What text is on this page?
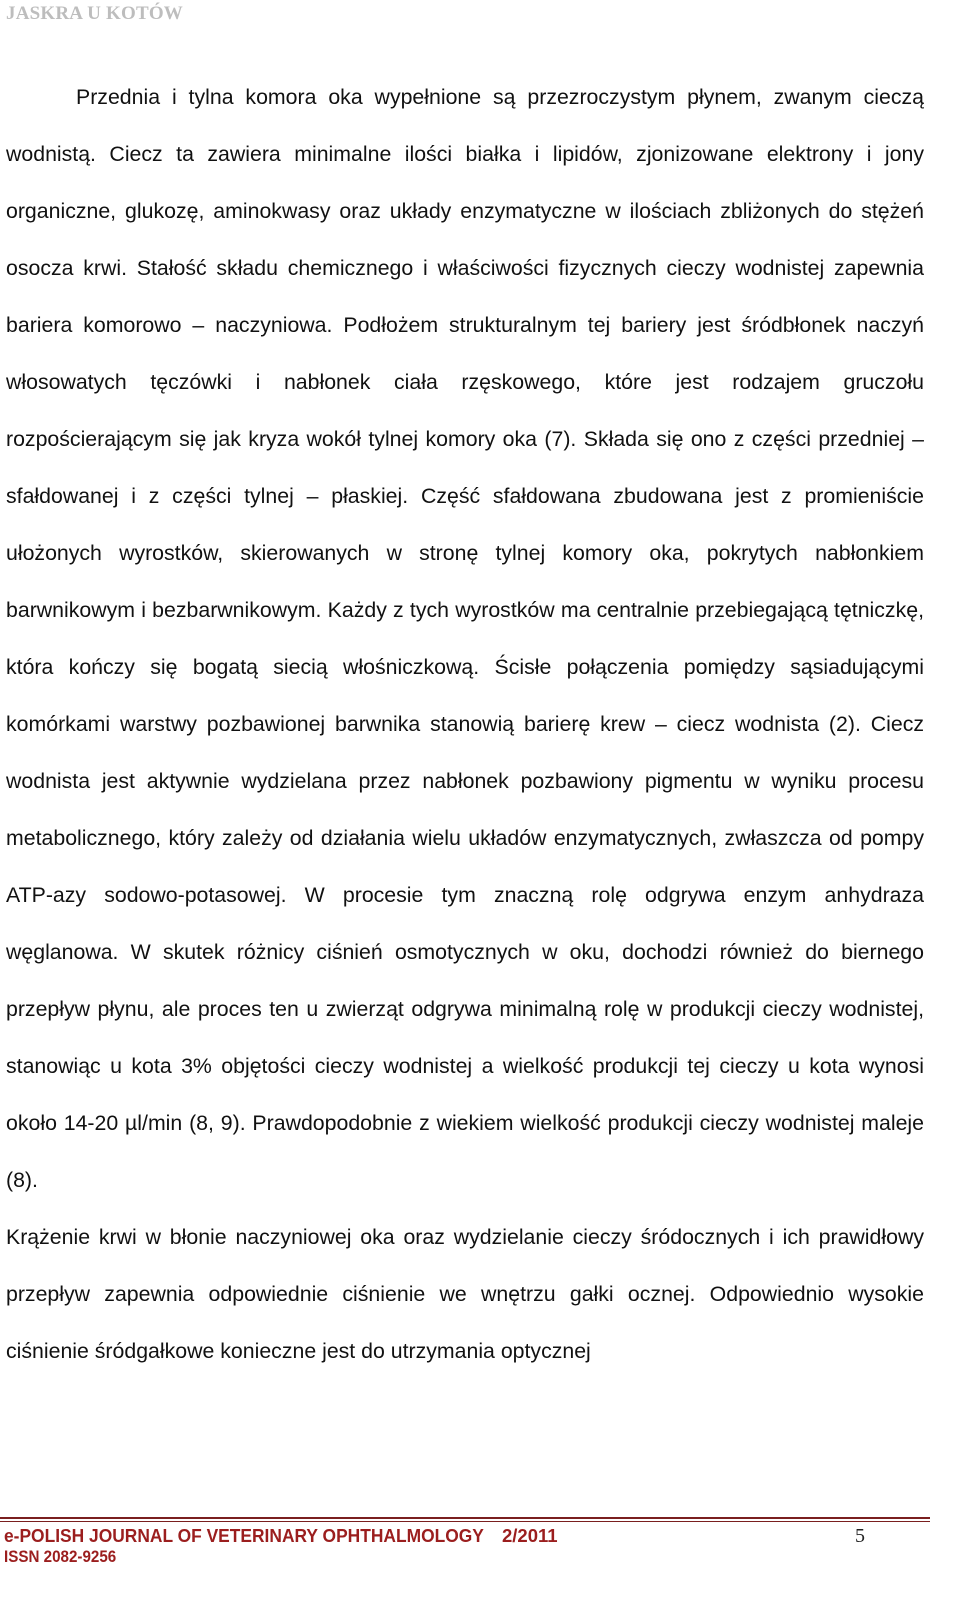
JASKRA U KOTÓW

Przednia i tylna komora oka wypełnione są przezroczystym płynem, zwanym cieczą wodnistą. Ciecz ta zawiera minimalne ilości białka i lipidów, zjonizowane elektrony i jony organiczne, glukozę, aminokwasy oraz układy enzymatyczne w ilościach zbliżonych do stężeń osocza krwi. Stałość składu chemicznego i właściwości fizycznych cieczy wodnistej zapewnia bariera komorowo – naczyniowa. Podłożem strukturalnym tej bariery jest śródbłonek naczyń włosowatych tęczówki i nabłonek ciała rzęskowego, które jest rodzajem gruczołu rozpościerającym się jak kryza wokół tylnej komory oka (7). Składa się ono z części przedniej – sfałdowanej i z części tylnej – płaskiej. Część sfałdowana zbudowana jest z promieniście ułożonych wyrostków, skierowanych w stronę tylnej komory oka, pokrytych nabłonkiem barwnikowym i bezbarwnikowym. Każdy z tych wyrostków ma centralnie przebiegającą tętniczkę, która kończy się bogatą siecią włośniczkową. Ścisłe połączenia pomiędzy sąsiadującymi komórkami warstwy pozbawionej barwnika stanowią barierę krew – ciecz wodnista (2). Ciecz wodnista jest aktywnie wydzielana przez nabłonek pozbawiony pigmentu w wyniku procesu metabolicznego, który zależy od działania wielu układów enzymatycznych, zwłaszcza od pompy ATP-azy sodowo-potasowej. W procesie tym znaczną rolę odgrywa enzym anhydraza węglanowa. W skutek różnicy ciśnień osmotycznych w oku, dochodzi również do biernego przepływ płynu, ale proces ten u zwierząt odgrywa minimalną rolę w produkcji cieczy wodnistej, stanowiąc u kota 3% objętości cieczy wodnistej a wielkość produkcji tej cieczy u kota wynosi około 14-20 µl/min (8, 9). Prawdopodobnie z wiekiem wielkość produkcji cieczy wodnistej maleje (8).

Krążenie krwi w błonie naczyniowej oka oraz wydzielanie cieczy śródocznych i ich prawidłowy przepływ zapewnia odpowiednie ciśnienie we wnętrzu gałki ocznej. Odpowiednio wysokie ciśnienie śródgałkowe konieczne jest do utrzymania optycznej

e-POLISH JOURNAL OF VETERINARY OPHTHALMOLOGY 2/2011	5
ISSN 2082-9256
